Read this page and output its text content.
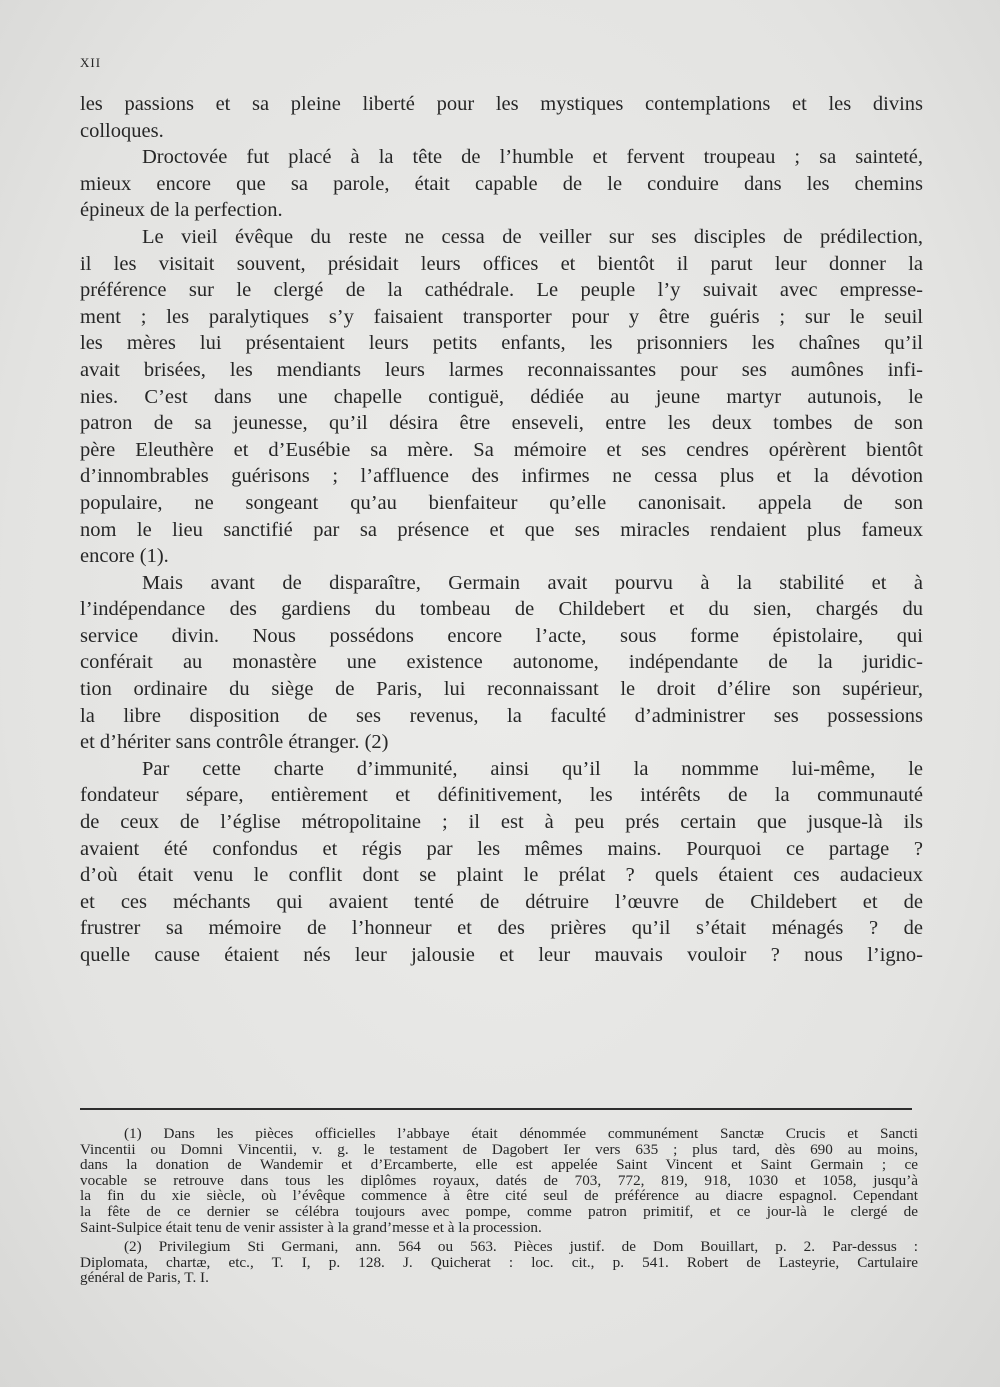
XII
les passions et sa pleine liberté pour les mystiques contemplations et les divins
colloques.
Droctovée fut placé à la tête de l’humble et fervent troupeau ; sa sainteté,
mieux encore que sa parole, était capable de le conduire dans les chemins
épineux de la perfection.
Le vieil évêque du reste ne cessa de veiller sur ses disciples de prédilection,
il les visitait souvent, présidait leurs offices et bientôt il parut leur donner la
préférence sur le clergé de la cathédrale. Le peuple l’y suivait avec empresse-
ment ; les paralytiques s’y faisaient transporter pour y être guéris ; sur le seuil
les mères lui présentaient leurs petits enfants, les prisonniers les chaînes qu’il
avait brisées, les mendiants leurs larmes reconnaissantes pour ses aumônes infi-
nies. C’est dans une chapelle contiguë, dédiée au jeune martyr autunois, le
patron de sa jeunesse, qu’il désira être enseveli, entre les deux tombes de son
père Eleuthère et d’Eusébie sa mère. Sa mémoire et ses cendres opérèrent bientôt
d’innombrables guérisons ; l’affluence des infirmes ne cessa plus et la dévotion
populaire, ne songeant qu’au bienfaiteur qu’elle canonisait. appela de son
nom le lieu sanctifié par sa présence et que ses miracles rendaient plus fameux
encore (1).
Mais avant de disparaître, Germain avait pourvu à la stabilité et à
l’indépendance des gardiens du tombeau de Childebert et du sien, chargés du
service divin. Nous possédons encore l’acte, sous forme épistolaire, qui
conférait au monastère une existence autonome, indépendante de la juridic-
tion ordinaire du siège de Paris, lui reconnaissant le droit d’élire son supérieur,
la libre disposition de ses revenus, la faculté d’administrer ses possessions
et d’hériter sans contrôle étranger. (2)
Par cette charte d’immunité, ainsi qu’il la nommme lui-même, le
fondateur sépare, entièrement et définitivement, les intérêts de la communauté
de ceux de l’église métropolitaine ; il est à peu prés certain que jusque-là ils
avaient été confondus et régis par les mêmes mains. Pourquoi ce partage ?
d’où était venu le conflit dont se plaint le prélat ? quels étaient ces audacieux
et ces méchants qui avaient tenté de détruire l’œuvre de Childebert et de
frustrer sa mémoire de l’honneur et des prières qu’il s’était ménagés ? de
quelle cause étaient nés leur jalousie et leur mauvais vouloir ? nous l’igno-
(1) Dans les pièces officielles l’abbaye était dénommée communément Sanctæ Crucis et Sancti
Vincentii ou Domni Vincentii, v. g. le testament de Dagobert Ier vers 635 ; plus tard, dès 690 au moins,
dans la donation de Wandemir et d’Ercamberte, elle est appelée Saint Vincent et Saint Germain ; ce
vocable se retrouve dans tous les diplômes royaux, datés de 703, 772, 819, 918, 1030 et 1058, jusqu’à
la fin du xie siècle, où l’évêque commence à être cité seul de préférence au diacre espagnol. Cependant
la fête de ce dernier se célébra toujours avec pompe, comme patron primitif, et ce jour-là le clergé de
Saint-Sulpice était tenu de venir assister à la grand’messe et à la procession.
(2) Privilegium Sti Germani, ann. 564 ou 563. Pièces justif. de Dom Bouillart, p. 2. Par-dessus :
Diplomata, chartæ, etc., T. I, p. 128. J. Quicherat : loc. cit., p. 541. Robert de Lasteyrie, Cartulaire
général de Paris, T. I.
